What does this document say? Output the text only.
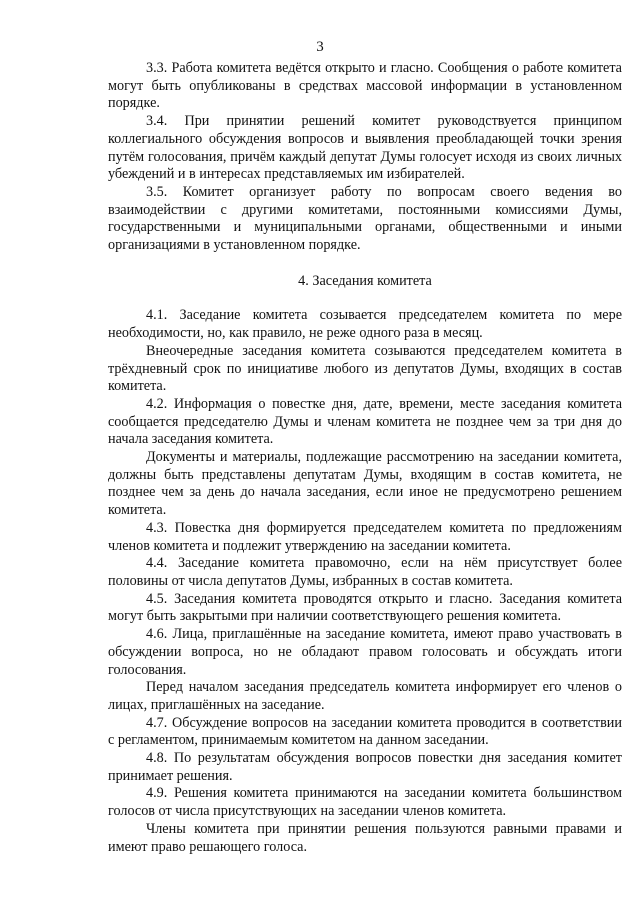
3

3.3. Работа комитета ведётся открыто и гласно. Сообщения о работе комитета могут быть опубликованы в средствах массовой информации в установленном порядке.

3.4. При принятии решений комитет руководствуется принципом коллегиального обсуждения вопросов и выявления преобладающей точки зрения путём голосования, причём каждый депутат Думы голосует исходя из своих личных убеждений и в интересах представляемых им избирателей.

3.5. Комитет организует работу по вопросам своего ведения во взаимодействии с другими комитетами, постоянными комиссиями Думы, государственными и муниципальными органами, общественными и иными организациями в установленном порядке.

4. Заседания комитета

4.1. Заседание комитета созывается председателем комитета по мере необходимости, но, как правило, не реже одного раза в месяц.

Внеочередные заседания комитета созываются председателем комитета в трёхдневный срок по инициативе любого из депутатов Думы, входящих в состав комитета.

4.2. Информация о повестке дня, дате, времени, месте заседания комитета сообщается председателю Думы и членам комитета не позднее чем за три дня до начала заседания комитета.

Документы и материалы, подлежащие рассмотрению на заседании комитета, должны быть представлены депутатам Думы, входящим в состав комитета, не позднее чем за день до начала заседания, если иное не предусмотрено решением комитета.

4.3. Повестка дня формируется председателем комитета по предложениям членов комитета и подлежит утверждению на заседании комитета.

4.4. Заседание комитета правомочно, если на нём присутствует более половины от числа депутатов Думы, избранных в состав комитета.

4.5. Заседания комитета проводятся открыто и гласно. Заседания комитета могут быть закрытыми при наличии соответствующего решения комитета.

4.6. Лица, приглашённые на заседание комитета, имеют право участвовать в обсуждении вопроса, но не обладают правом голосовать и обсуждать итоги голосования.

Перед началом заседания председатель комитета информирует его членов о лицах, приглашённых на заседание.

4.7. Обсуждение вопросов на заседании комитета проводится в соответствии с регламентом, принимаемым комитетом на данном заседании.

4.8. По результатам обсуждения вопросов повестки дня заседания комитет принимает решения.

4.9. Решения комитета принимаются на заседании комитета большинством голосов от числа присутствующих на заседании членов комитета.

Члены комитета при принятии решения пользуются равными правами и имеют право решающего голоса.
